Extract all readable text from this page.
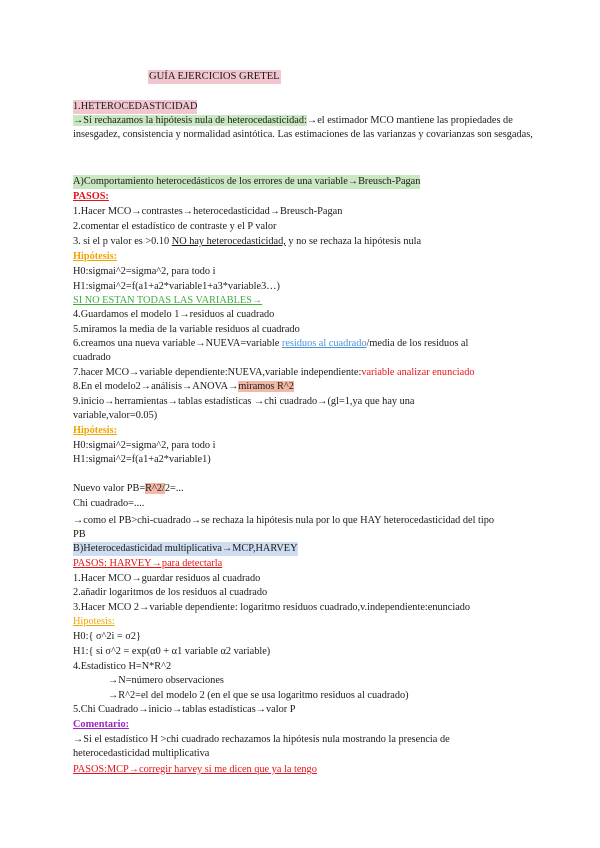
GUÍA EJERCICIOS GRETEL
1.HETEROCEDASTICIDAD
→Si rechazamos la hipótesis nula de heterocedasticidad:→el estimador MCO mantiene las propiedades de insesgadez, consistencia y normalidad asintótica. Las estimaciones de las varianzas y covarianzas son sesgadas,
A)Comportamiento heterocedásticos de los errores de una variable→Breusch-Pagan
PASOS:
1.Hacer MCO→contrastes→heterocedasticidad→Breusch-Pagan
2.comentar el estadístico de contraste y el P valor
3. si el p valor es >0.10 NO hay heterocedasticidad, y no se rechaza la hipótesis nula
Hipótesis:
H0:sigmai^2=sigma^2, para todo i
H1:sigmai^2=f(a1+a2*variable1+a3*variable3…)
SI NO ESTAN TODAS LAS VARIABLES→
4.Guardamos el modelo 1→residuos al cuadrado
5.miramos la media de la variable residuos al cuadrado
6.creamos una nueva variable→NUEVA=variable residuos al cuadrado/media de los residuos al
cuadrado
7.hacer MCO→variable dependiente:NUEVA,variable independiente:variable analizar enunciado
8.En el modelo2→análisis→ANOVA→miramos R^2
9.inicio→herramientas→tablas estadísticas →chi cuadrado→(gl=1,ya que hay una
variable,valor=0.05)
Hipótesis:
H0:sigmai^2=sigma^2, para todo i
H1:sigmai^2=f(a1+a2*variable1)
Nuevo valor PB=R^2/2=...
Chi cuadrado=....
→como el PB>chi-cuadrado→se rechaza la hipótesis nula por lo que HAY heterocedasticidad del tipo
PB
B)Heterocedasticidad multiplicativa→MCP,HARVEY
PASOS: HARVEY→para detectarla
1.Hacer MCO→guardar residuos al cuadrado
2.añadir logaritmos de los residuos al cuadrado
3.Hacer MCO 2→variable dependiente: logaritmo residuos cuadrado,v.independiente:enunciado
Hipotesis:
H0:{ σ^2i = σ2}
H1:{ si σ^2 = exp(α0 + α1 variable α2 variable)
4.Estadistico H=N*R^2
→N=número observaciones
→R^2=el del modelo 2 (en el que se usa logaritmo residuos al cuadrado)
5.Chi Cuadrado→inicio→tablas estadísticas→valor P
Comentario:
→Si el estadístico H >chi cuadrado rechazamos la hipótesis nula mostrando la presencia de
heterocedasticidad multiplicativa
PASOS:MCP→corregir harvey si me dicen que ya la tengo
